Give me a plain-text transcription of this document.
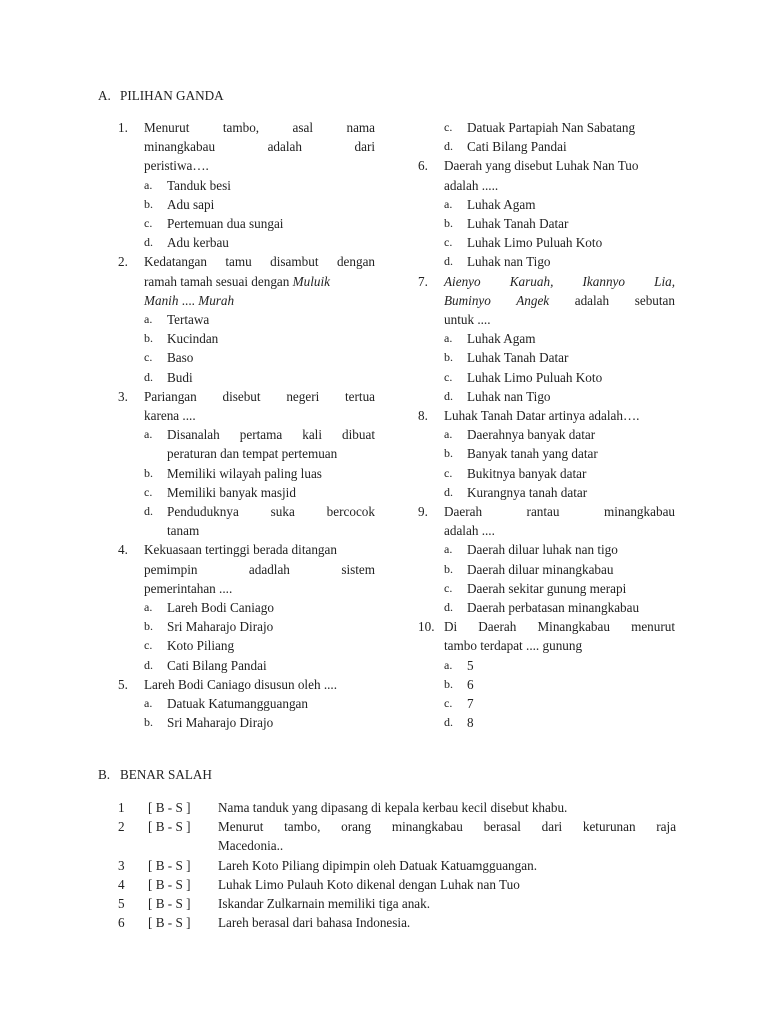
A. PILIHAN GANDA
1. Menurut	tambo,	asal	nama
minangkabau	adalah	dari
peristiwa….
a. Tanduk besi
b. Adu sapi
c. Pertemuan dua sungai
d. Adu kerbau
2. Kedatangan tamu disambut dengan
ramah tamah sesuai dengan Muluik
Manih .... Murah
a. Tertawa
b. Kucindan
c. Baso
d. Budi
3. Pariangan disebut negeri tertua
karena ....
a. Disanalah pertama kali dibuat
peraturan dan tempat pertemuan
b. Memiliki wilayah paling luas
c. Memiliki banyak masjid
d. Penduduknya suka bercocok
tanam
4. Kekuasaan tertinggi berada ditangan
pemimpin	adadlah	sistem
pemerintahan ....
a. Lareh Bodi Caniago
b. Sri Maharajo Dirajo
c. Koto Piliang
d. Cati Bilang Pandai
5. Lareh Bodi Caniago disusun oleh ....
a. Datuak Katumangguangan
b. Sri Maharajo Dirajo
c. Datuak Partapiah Nan Sabatang
d. Cati Bilang Pandai
6. Daerah yang disebut Luhak Nan Tuo
adalah .....
a. Luhak Agam
b. Luhak Tanah Datar
c. Luhak Limo Puluah Koto
d. Luhak nan Tigo
7. Aienyo Karuah, Ikannyo Lia,
Buminyo Angek adalah sebutan
untuk ....
a. Luhak Agam
b. Luhak Tanah Datar
c. Luhak Limo Puluah Koto
d. Luhak nan Tigo
8. Luhak Tanah Datar artinya adalah….
a. Daerahnya banyak datar
b. Banyak tanah yang datar
c. Bukitnya banyak datar
d. Kurangnya tanah datar
9. Daerah	rantau	minangkabau
adalah ....
a. Daerah diluar luhak nan tigo
b. Daerah diluar minangkabau
c. Daerah sekitar gunung merapi
d. Daerah perbatasan minangkabau
10. Di Daerah Minangkabau menurut
tambo terdapat .... gunung
a. 5
b. 6
c. 7
d. 8
B. BENAR SALAH
1 [ B - S ] Nama tanduk yang dipasang di kepala kerbau kecil disebut khabu.
2 [ B - S ] Menurut tambo, orang minangkabau berasal dari keturunan raja
Macedonia..
3 [ B - S ] Lareh Koto Piliang dipimpin oleh Datuak Katuamgguangan.
4 [ B - S ] Luhak Limo Pulauh Koto dikenal dengan Luhak nan Tuo
5 [ B - S ] Iskandar Zulkarnain memiliki tiga anak.
6 [ B - S ] Lareh berasal dari bahasa Indonesia.
